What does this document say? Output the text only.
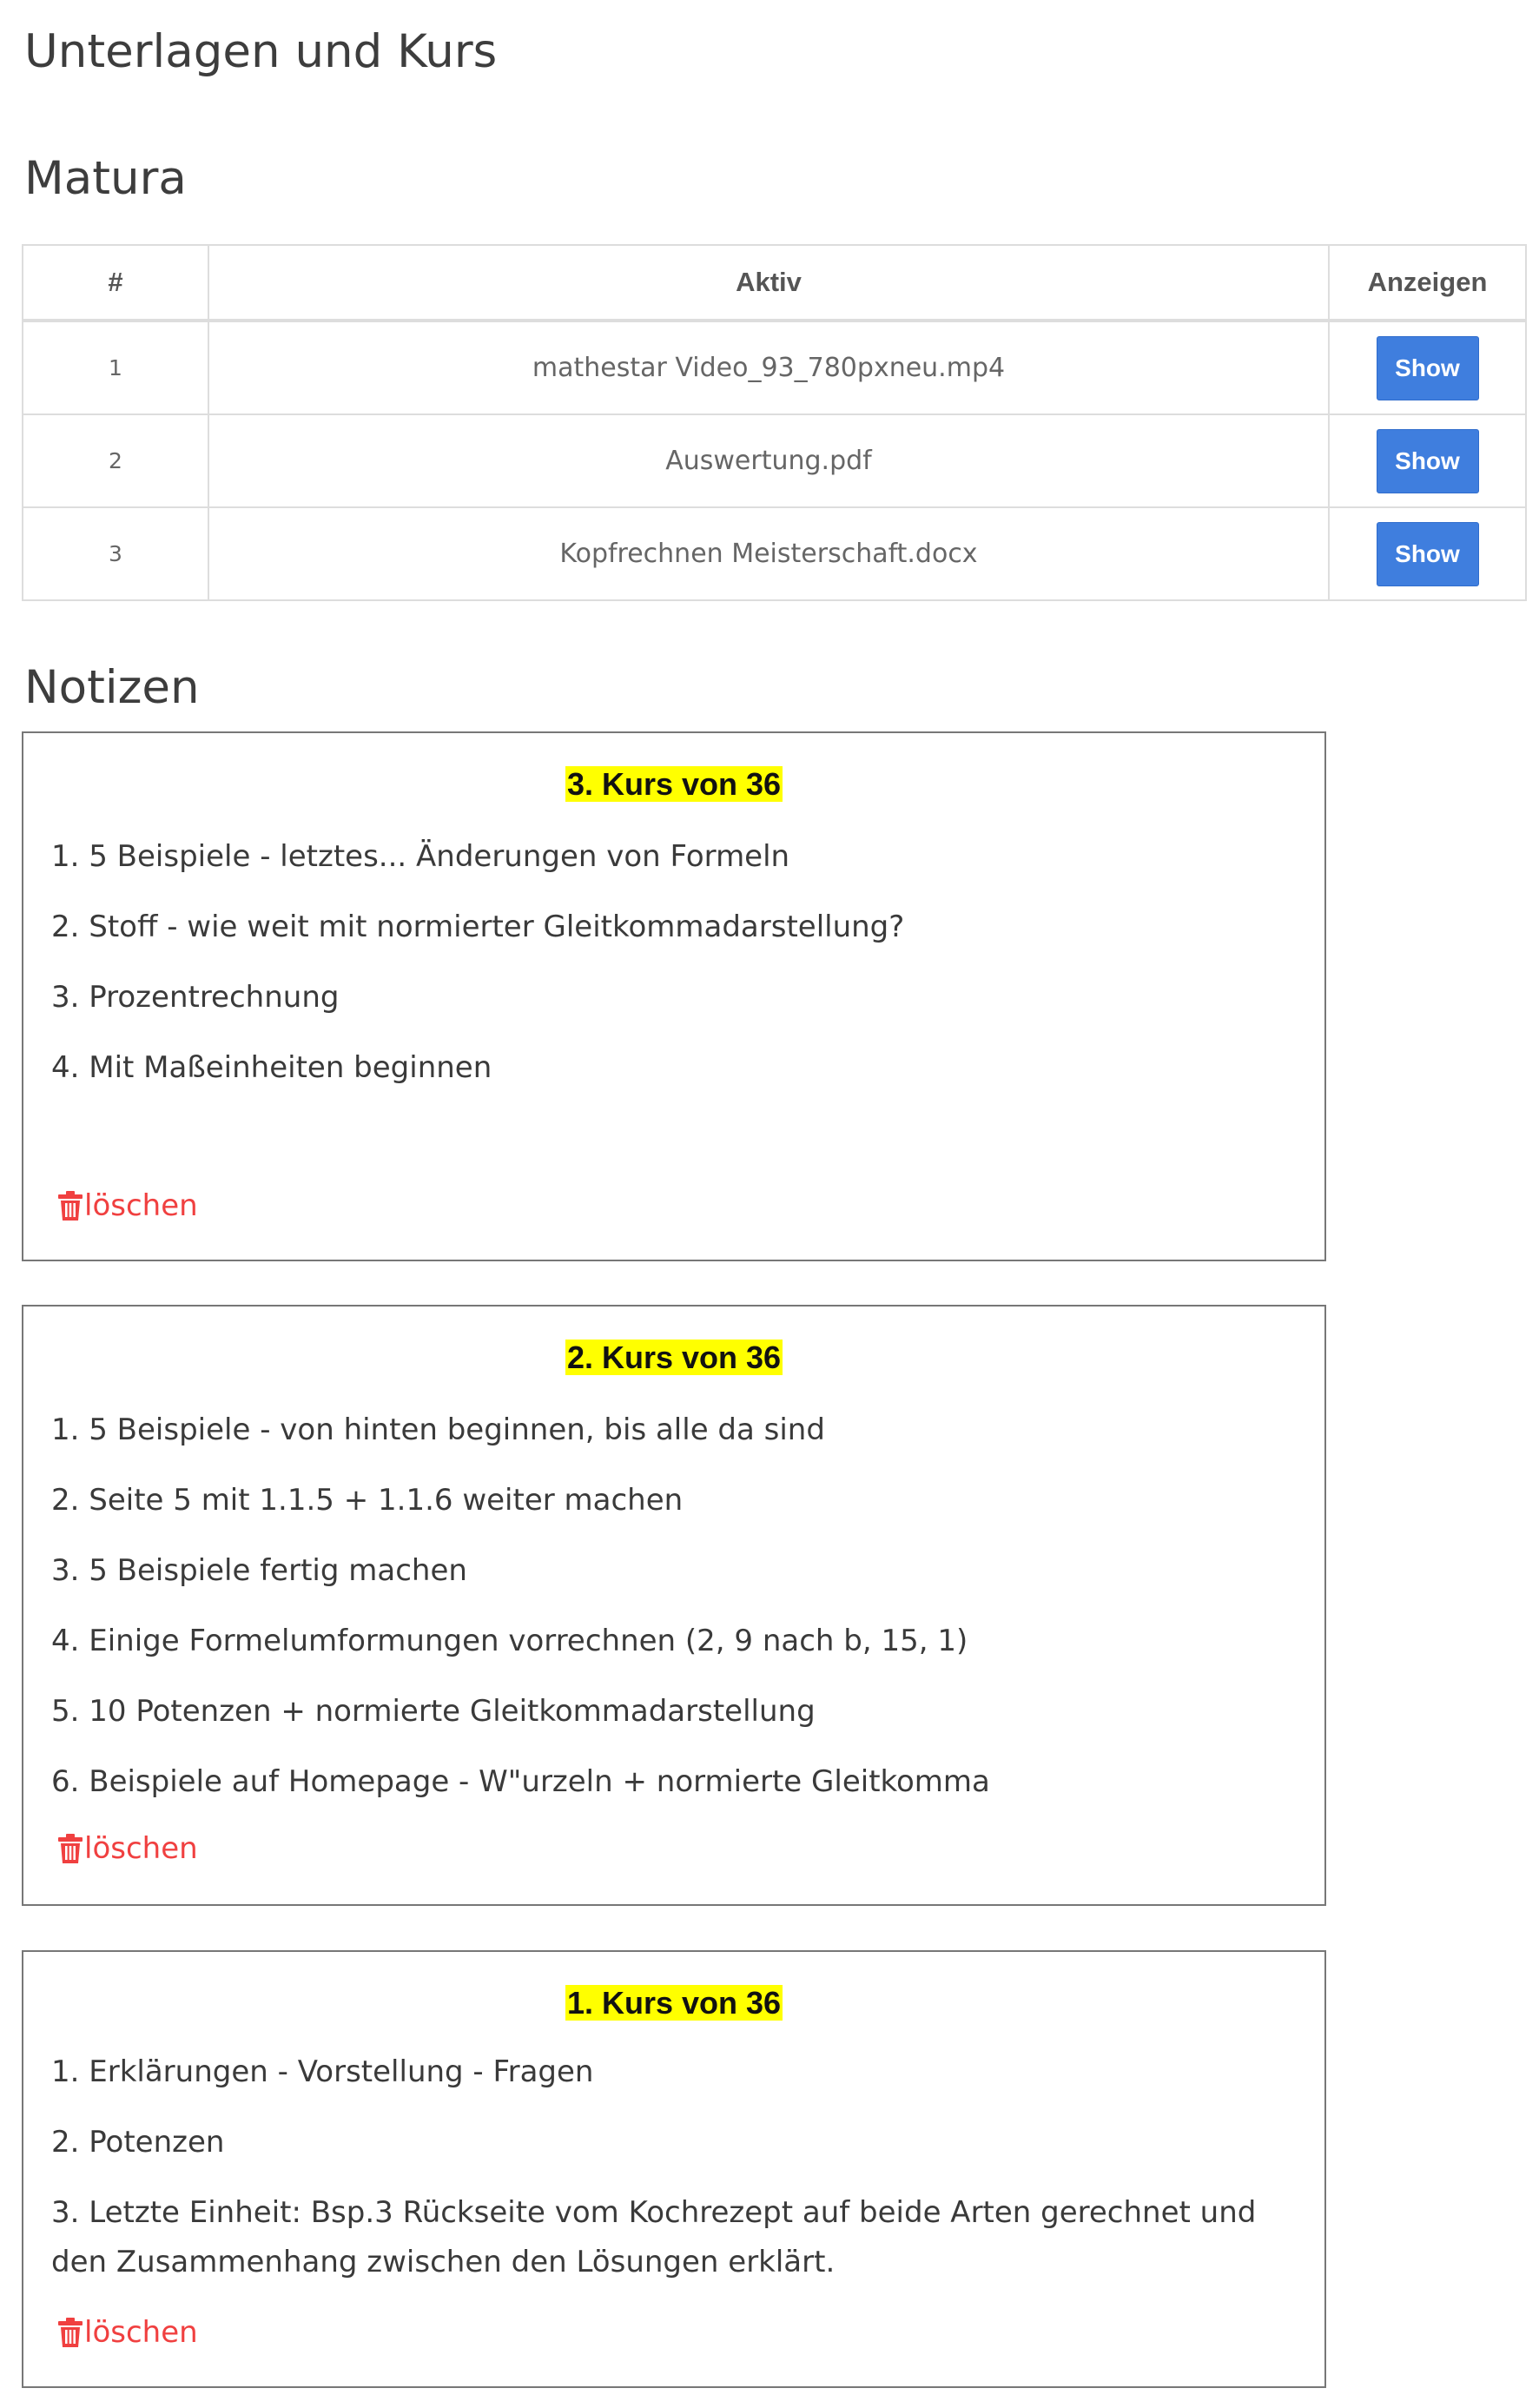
Unterlagen und Kurs
Matura
#	Aktiv	Anzeigen
1	mathestar Video_93_780pxneu.mp4	Show
2	Auswertung.pdf	Show
3	Kopfrechnen Meisterschaft.docx	Show
Notizen
3. Kurs von 36
1. 5 Beispiele - letztes... Änderungen von Formeln
2. Stoff - wie weit mit normierter Gleitkommadarstellung?
3. Prozentrechnung
4. Mit Maßeinheiten beginnen
löschen
2. Kurs von 36
1. 5 Beispiele - von hinten beginnen, bis alle da sind
2. Seite 5 mit 1.1.5 + 1.1.6 weiter machen
3. 5 Beispiele fertig machen
4. Einige Formelumformungen vorrechnen (2, 9 nach b, 15, 1)
5. 10 Potenzen + normierte Gleitkommadarstellung
6. Beispiele auf Homepage - W"urzeln + normierte Gleitkomma
löschen
1. Kurs von 36
1. Erklärungen - Vorstellung - Fragen
2. Potenzen
3. Letzte Einheit: Bsp.3 Rückseite vom Kochrezept auf beide Arten gerechnet und den Zusammenhang zwischen den Lösungen erklärt.
löschen
